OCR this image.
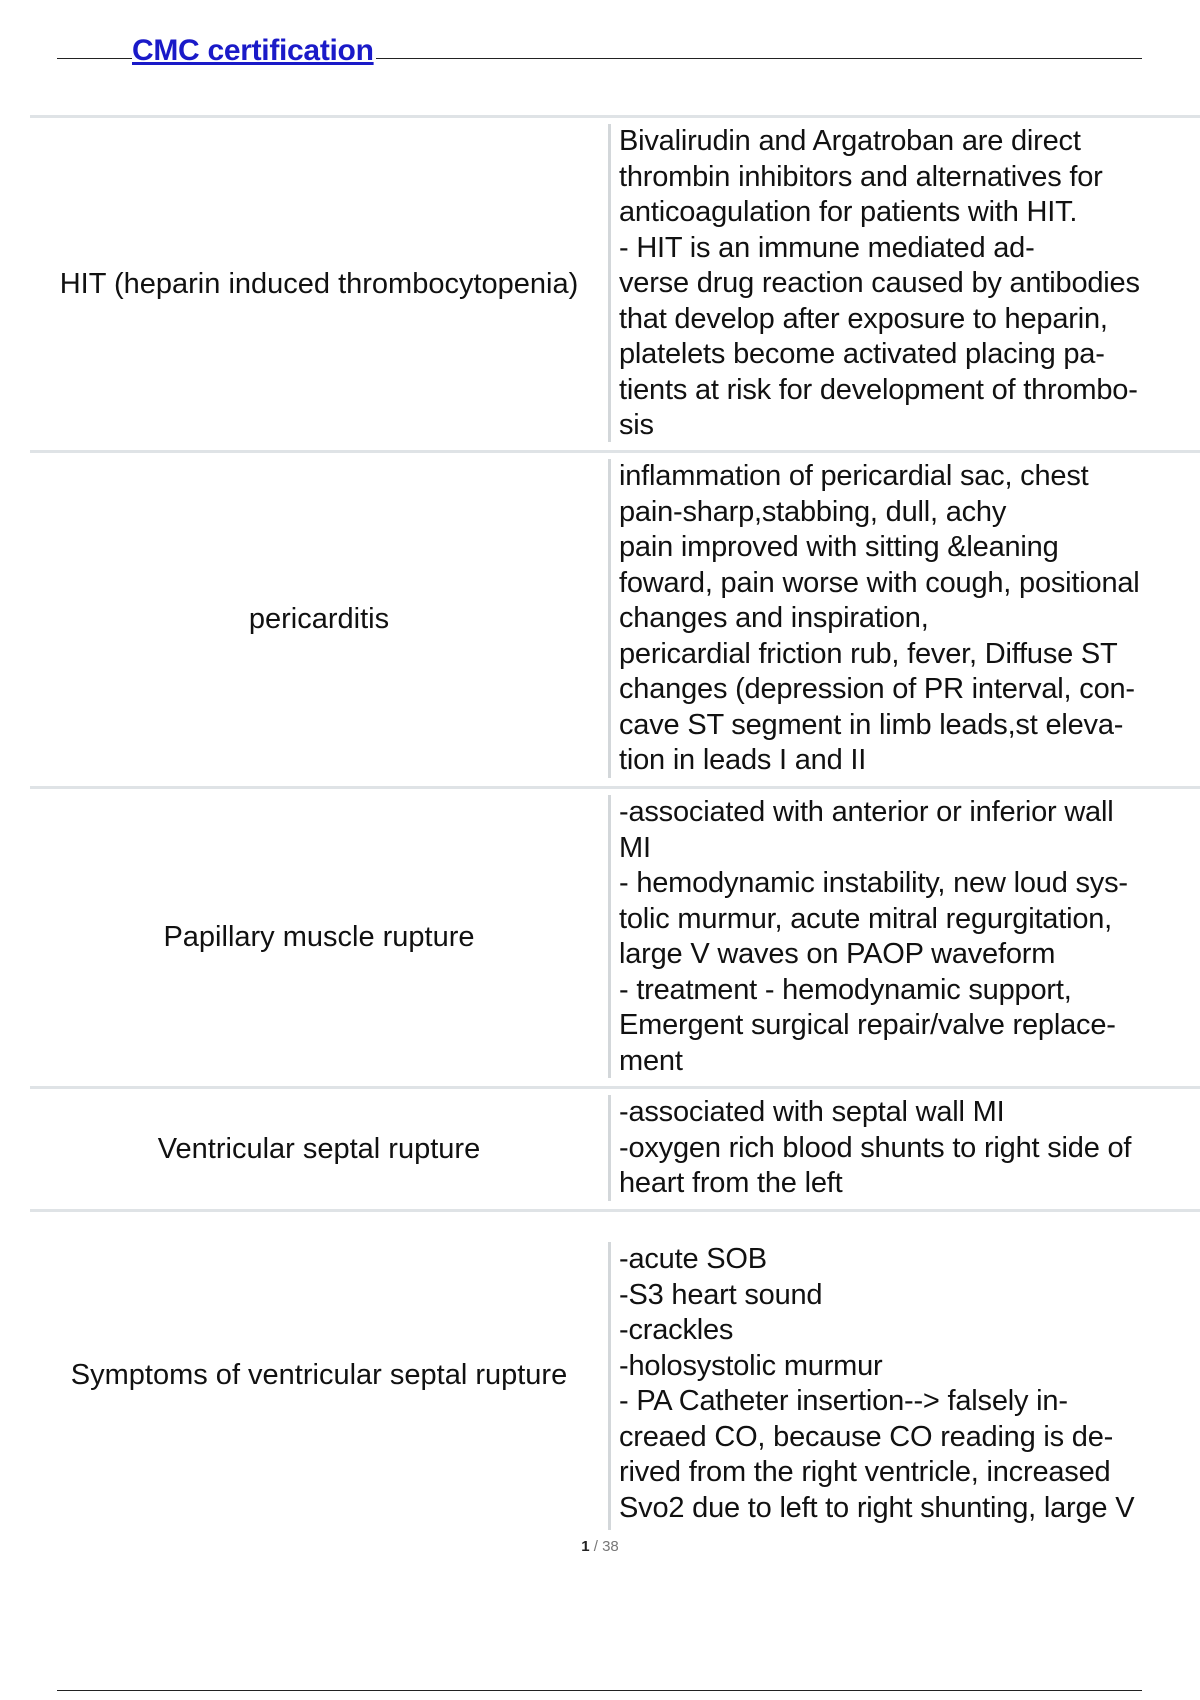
CMC certification
HIT (heparin induced thrombocytopenia)
Bivalirudin and Argatroban are direct
thrombin inhibitors and alternatives for
anticoagulation for patients with HIT.
- HIT is an immune mediated ad-
verse drug reaction caused by antibodies
that develop after exposure to heparin,
platelets become activated placing pa-
tients at risk for development of thrombo-
sis
pericarditis
inflammation of pericardial sac, chest
pain-sharp,stabbing, dull, achy
pain improved with sitting &leaning
foward, pain worse with cough, positional
changes and inspiration,
pericardial friction rub, fever, Diffuse ST
changes (depression of PR interval, con-
cave ST segment in limb leads,st eleva-
tion in leads I and II
Papillary muscle rupture
-associated with anterior or inferior wall
MI
- hemodynamic instability, new loud sys-
tolic murmur, acute mitral regurgitation,
large V waves on PAOP waveform
- treatment - hemodynamic support,
Emergent surgical repair/valve replace-
ment
Ventricular septal rupture
-associated with septal wall MI
-oxygen rich blood shunts to right side of
heart from the left
Symptoms of ventricular septal rupture
-acute SOB
-S3 heart sound
-crackles
-holosystolic murmur
- PA Catheter insertion--> falsely in-
creaed CO, because CO reading is de-
rived from the right ventricle, increased
Svo2 due to left to right shunting, large V
1 / 38
